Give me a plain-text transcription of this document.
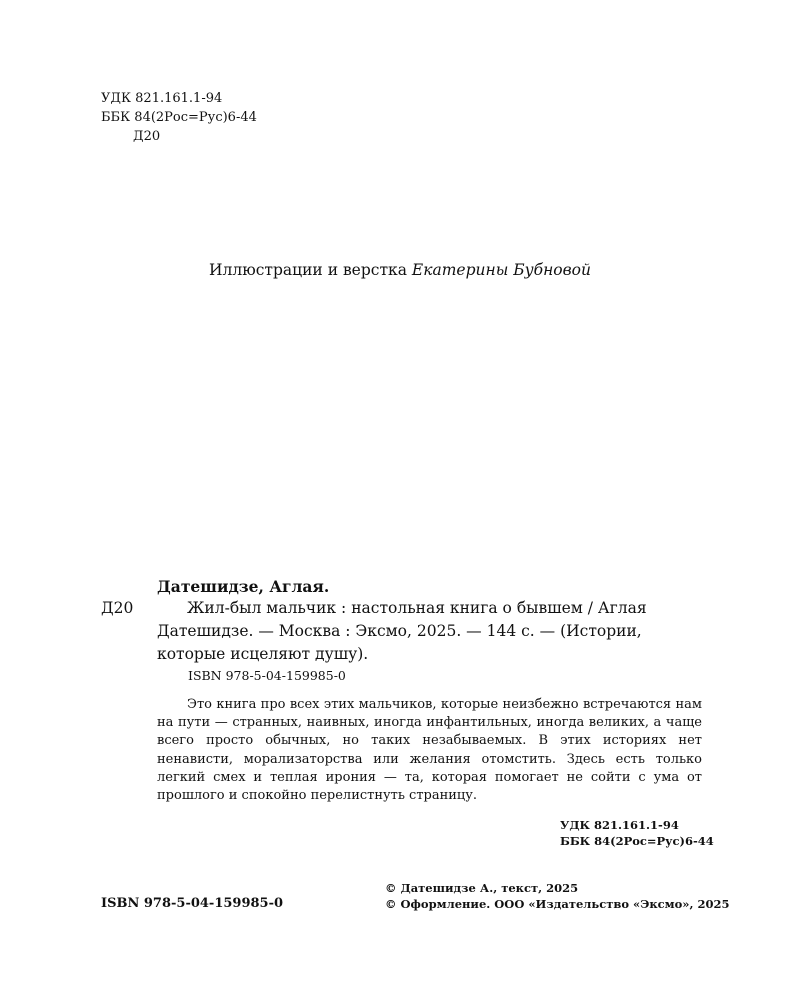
УДК 821.161.1-94
ББК 84(2Рос=Рус)6-44
Д20
Иллюстрации и верстка Екатерины Бубновой
Датешидзе, Аглая.
Д20	Жил-был мальчик : настольная книга о бывшем / Аглая Датешидзе. — Москва : Эксмо, 2025. — 144 с. — (Истории, которые исцеляют душу).
ISBN 978-5-04-159985-0
Это книга про всех этих мальчиков, которые неизбежно встречаются нам на пути — странных, наивных, иногда инфантильных, иногда великих, а чаще всего просто обычных, но таких незабываемых. В этих историях нет ненависти, морализаторства или желания отомстить. Здесь есть только легкий смех и теплая ирония — та, которая помогает не сойти с ума от прошлого и спокойно перелистнуть страницу.
УДК 821.161.1-94
ББК 84(2Рос=Рус)6-44
ISBN 978-5-04-159985-0
© Датешидзе А., текст, 2025
© Оформление. ООО «Издательство «Эксмо», 2025
